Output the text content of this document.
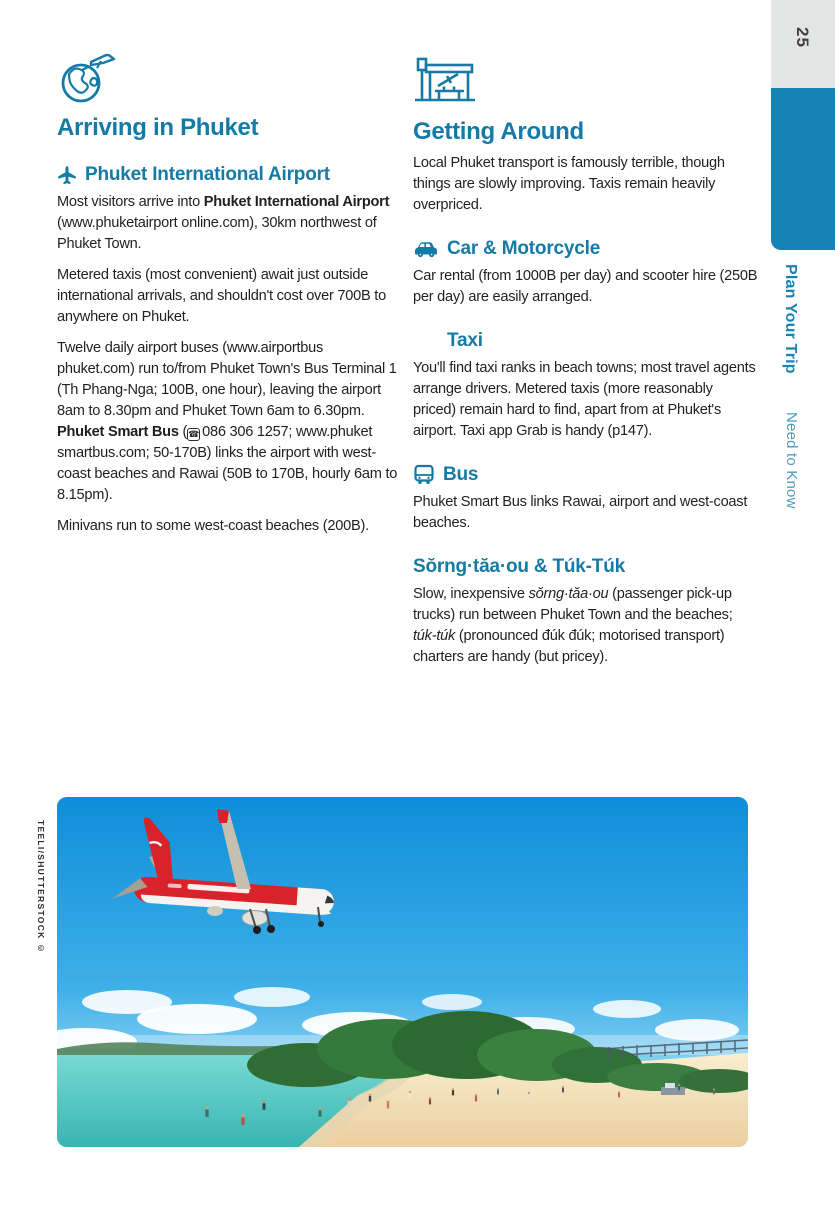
Arriving in Phuket
Phuket International Airport

Most visitors arrive into Phuket International Airport (www.phuketairport online.com), 30km northwest of Phuket Town.

Metered taxis (most convenient) await just outside international arrivals, and shouldn't cost over 700B to anywhere on Phuket.

Twelve daily airport buses (www.airportbus phuket.com) run to/from Phuket Town's Bus Terminal 1 (Th Phang-Nga; 100B, one hour), leaving the airport 8am to 8.30pm and Phuket Town 6am to 6.30pm. Phuket Smart Bus (☎ 086 306 1257; www.phuket smartbus.com; 50-170B) links the airport with west-coast beaches and Rawai (50B to 170B, hourly 6am to 8.15pm).

Minivans run to some west-coast beaches (200B).

Getting Around

Local Phuket transport is famously terrible, though things are slowly improving. Taxis remain heavily overpriced.

Car & Motorcycle

Car rental (from 1000B per day) and scooter hire (250B per day) are easily arranged.

Taxi

You'll find taxi ranks in beach towns; most travel agents arrange drivers. Metered taxis (more reasonably priced) remain hard to find, apart from at Phuket's airport. Taxi app Grab is handy (p147).

Bus

Phuket Smart Bus links Rawai, airport and west-coast beaches.

Sŏrng·tăa·ou & Túk-Túk

Slow, inexpensive sŏrng·tăa·ou (passenger pick-up trucks) run between Phuket Town and the beaches; túk-túk (pronounced đúk đúk; motorised transport) charters are handy (but pricey).

25
Plan Your Trip
Need to Know
TEELI/SHUTTERSTOCK ©
